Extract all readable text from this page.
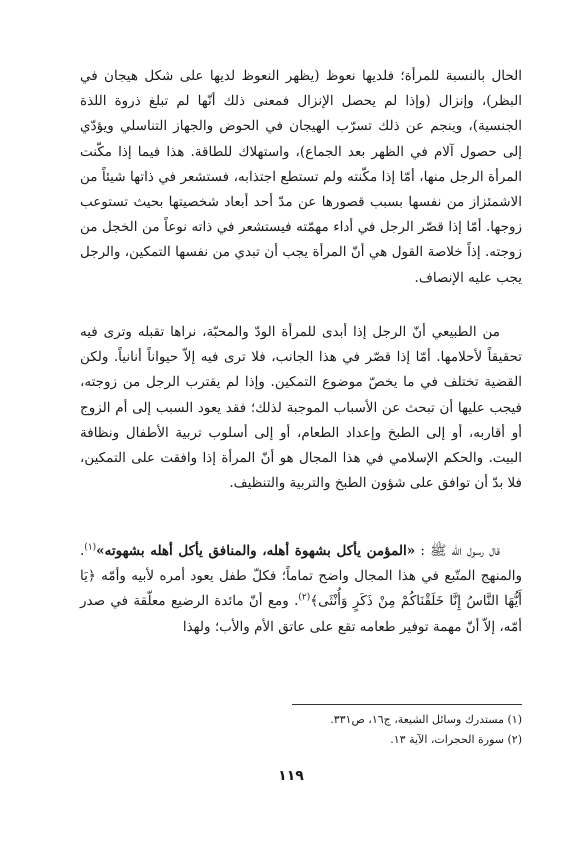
الحال بالنسبة للمرأة؛ فلديها نعوظ (يظهر النعوظ لديها على شكل هيجان في البظر)، وإنزال (وإذا لم يحصل الإنزال فمعنى ذلك أنّها لم تبلغ ذروة اللذة الجنسية)، وينجم عن ذلك تسرّب الهيجان في الحوض والجهاز التناسلي ويؤدّي إلى حصول آلام في الظهر بعد الجماع)، واستهلاك للطاقة. هذا فيما إذا مكّنت المرأة الرجل منها، أمّا إذا مكّنته ولم تستطع اجتذابه، فستشعر في ذاتها شيئاً من الاشمئزاز من نفسها بسبب قصورها عن مدّ أحد أبعاد شخصيتها بحيث تستوعب زوجها. أمّا إذا قصّر الرجل في أداء مهمّته فيستشعر في ذاته نوعاً من الخجل من زوجته. إذاً خلاصة القول هي أنّ المرأة يجب أن تبدي من نفسها التمكين، والرجل يجب عليه الإنصاف.

من الطبيعي أنّ الرجل إذا أبدى للمرأة الودّ والمحبّة، نراها تقبله وترى فيه تحقيقاً لأحلامها. أمّا إذا قصّر في هذا الجانب، فلا ترى فيه إلاّ حيواناً أنانياً. ولكن القضية تختلف في ما يخصّ موضوع التمكين. وإذا لم يقترب الرجل من زوجته، فيجب عليها أن تبحث عن الأسباب الموجبة لذلك؛ فقد يعود السبب إلى أم الزوج أو أقاربه، أو إلى الطبخ وإعداد الطعام، أو إلى أسلوب تربية الأطفال ونظافة البيت. والحكم الإسلامي في هذا المجال هو أنّ المرأة إذا وافقت على التمكين، فلا بدّ أن توافق على شؤون الطبخ والتربية والتنظيف.

قال رسول الله ﷺ : «المؤمن يأكل بشهوة أهله، والمنافق يأكل أهله بشهوته»$^{(١)}$. والمنهج المتّبع في هذا المجال واضح تماماً؛ فكلّ طفل يعود أمره لأبيه وأمّه ﴿يَا أَيُّهَا النَّاسُ إِنَّا خَلَقْنَاكُمْ مِنْ ذَكَرٍ وَأُنْثَى﴾$^{(٢)}$. ومع أنّ مائدة الرضيع معلّقة في صدر أمّه، إلاّ أنّ مهمة توفير طعامه تقع على عاتق الأم والأب؛ ولهذا

(١) مستدرك وسائل الشيعة، ج١٦، ص٣٣١.
(٢) سورة الحجرات، الآية ١٣.
١١٩
